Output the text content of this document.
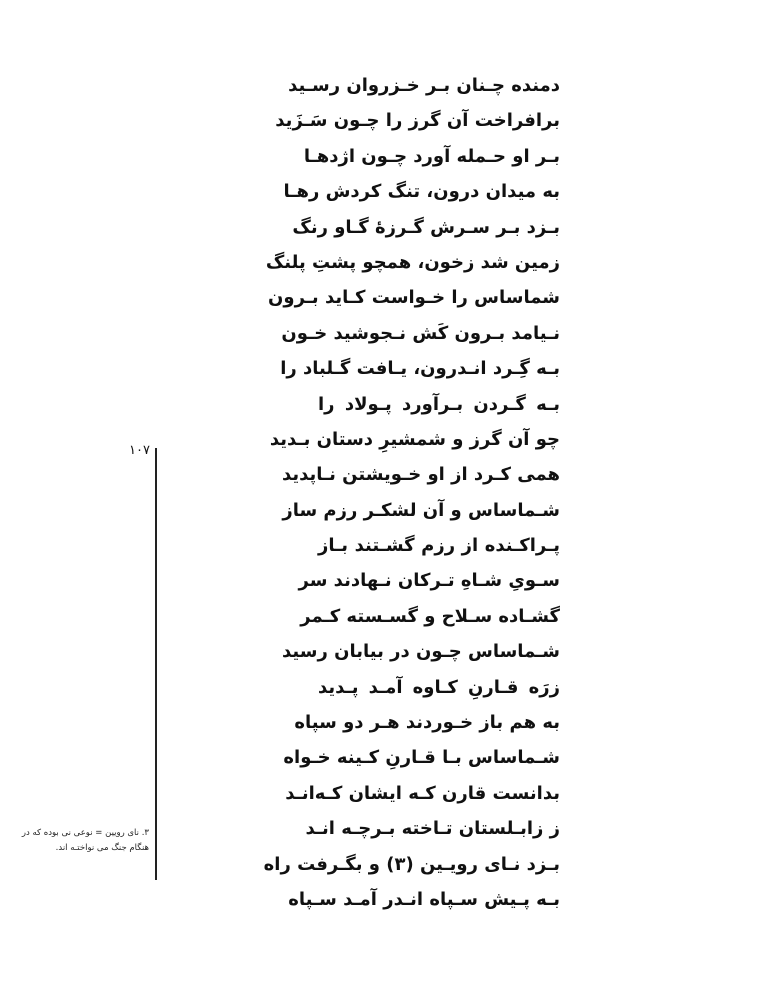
دمنده چـنان بـر خـزروان رسـید
برافراخت آن گرز را چـون سَـزَید
بـر او حـمله آورد چـون اژدهـا
به میدان درون، تنگ کردش رهـا
بـزد بـر سـرش گـرزهٔ گـاو رنگ
زمین شد زخون، همچو پشتِ پلنگ
شماساس را خـواست کـاید بـرون
نـیامد بـرون کَش نـجوشید خـون
بـه گِـرد انـدرون، یـافت گـلباد را
بـه گـردن بـرآورد پـولاد را
چو آن گرز و شمشیرِ دستان بـدید
همی کـرد از او خـویشتن نـاپدید
شـماساس و آن لشکـر رزم ساز
پـراکـنده از رزم گشـتند بـاز
سـویِ شـاهِ تـرکان نـهادند سر
گشـاده سـلاح و گسـسته کـمر
شـماساس چـون در بیابان رسید
زرَه قـارنِ کـاوه آمـد پـدید
به هم باز خـوردند هـر دو سپاه
شـماساس بـا قـارنِ کـینه خـواه
بدانست قارن کـه ایشان کـه‌انـد
ز زابـلستان تـاخته بـرچـه انـد
بـزد نـای رویـین (۳) و بگـرفت راه
بـه پـیش سـپاه انـدر آمـد سـپاه
۱۰۷
۳. نای رویین = نوعی نی بوده که در
هنگام جنگ می نواختـه اند.
